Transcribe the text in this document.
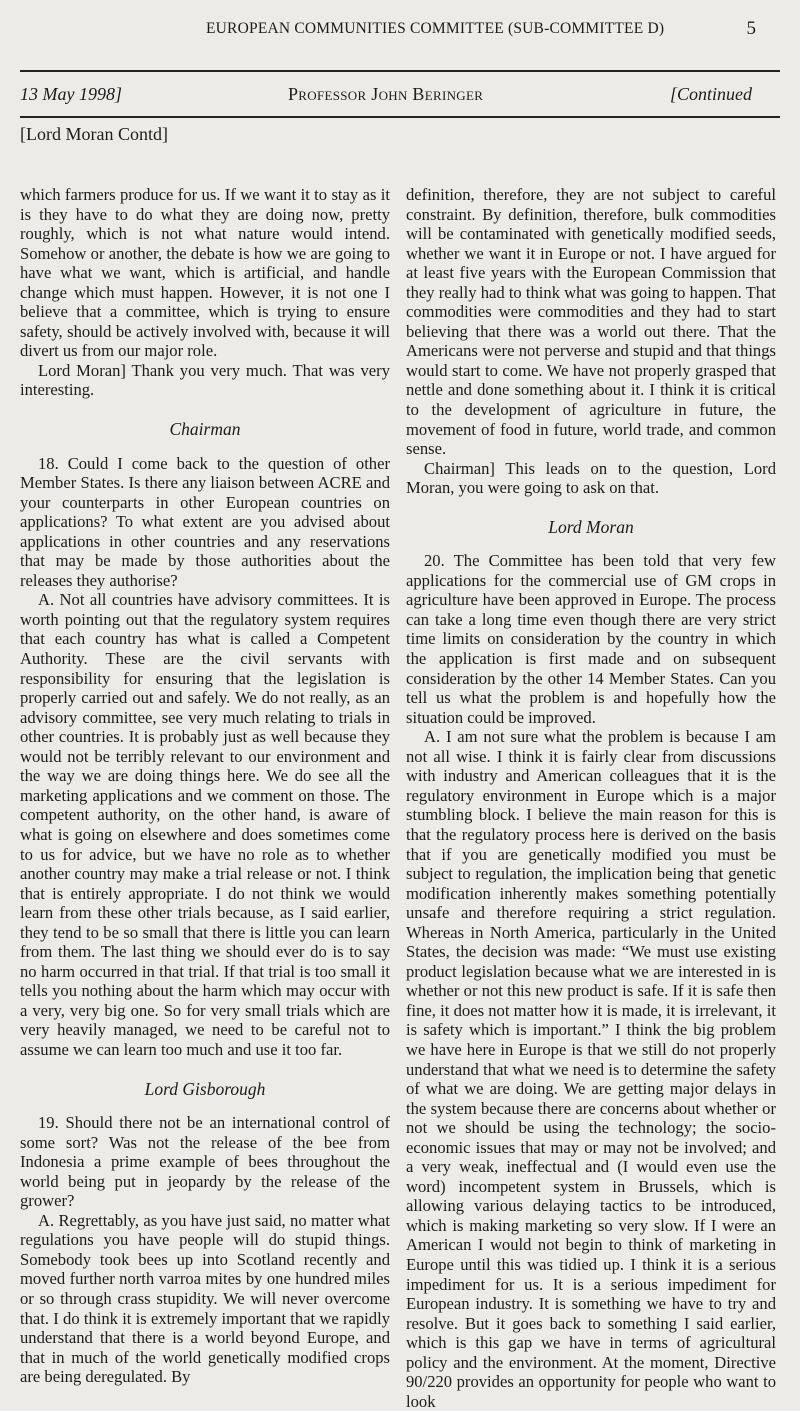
EUROPEAN COMMUNITIES COMMITTEE (SUB-COMMITTEE D)	5
13 May 1998]	Professor John Beringer	[Continued
[Lord Moran Contd]

which farmers produce for us. If we want it to stay as it is they have to do what they are doing now, pretty roughly, which is not what nature would intend. Somehow or another, the debate is how we are going to have what we want, which is artificial, and handle change which must happen. However, it is not one I believe that a committee, which is trying to ensure safety, should be actively involved with, because it will divert us from our major role.

Lord Moran] Thank you very much. That was very interesting.

Chairman

18. Could I come back to the question of other Member States. Is there any liaison between ACRE and your counterparts in other European countries on applications? To what extent are you advised about applications in other countries and any reservations that may be made by those authorities about the releases they authorise?

A. Not all countries have advisory committees. It is worth pointing out that the regulatory system requires that each country has what is called a Competent Authority. These are the civil servants with responsibility for ensuring that the legislation is properly carried out and safely. We do not really, as an advisory committee, see very much relating to trials in other countries. It is probably just as well because they would not be terribly relevant to our environment and the way we are doing things here. We do see all the marketing applications and we comment on those. The competent authority, on the other hand, is aware of what is going on elsewhere and does sometimes come to us for advice, but we have no role as to whether another country may make a trial release or not. I think that is entirely appropriate. I do not think we would learn from these other trials because, as I said earlier, they tend to be so small that there is little you can learn from them. The last thing we should ever do is to say no harm occurred in that trial. If that trial is too small it tells you nothing about the harm which may occur with a very, very big one. So for very small trials which are very heavily managed, we need to be careful not to assume we can learn too much and use it too far.

Lord Gisborough

19. Should there not be an international control of some sort? Was not the release of the bee from Indonesia a prime example of bees throughout the world being put in jeopardy by the release of the grower?

A. Regrettably, as you have just said, no matter what regulations you have people will do stupid things. Somebody took bees up into Scotland recently and moved further north varroa mites by one hundred miles or so through crass stupidity. We will never overcome that. I do think it is extremely important that we rapidly understand that there is a world beyond Europe, and that in much of the world genetically modified crops are being deregulated. By

definition, therefore, they are not subject to careful constraint. By definition, therefore, bulk commodities will be contaminated with genetically modified seeds, whether we want it in Europe or not. I have argued for at least five years with the European Commission that they really had to think what was going to happen. That commodities were commodities and they had to start believing that there was a world out there. That the Americans were not perverse and stupid and that things would start to come. We have not properly grasped that nettle and done something about it. I think it is critical to the development of agriculture in future, the movement of food in future, world trade, and common sense.

Chairman] This leads on to the question, Lord Moran, you were going to ask on that.

Lord Moran

20. The Committee has been told that very few applications for the commercial use of GM crops in agriculture have been approved in Europe. The process can take a long time even though there are very strict time limits on consideration by the country in which the application is first made and on subsequent consideration by the other 14 Member States. Can you tell us what the problem is and hopefully how the situation could be improved.

A. I am not sure what the problem is because I am not all wise. I think it is fairly clear from discussions with industry and American colleagues that it is the regulatory environment in Europe which is a major stumbling block. I believe the main reason for this is that the regulatory process here is derived on the basis that if you are genetically modified you must be subject to regulation, the implication being that genetic modification inherently makes something potentially unsafe and therefore requiring a strict regulation. Whereas in North America, particularly in the United States, the decision was made: “We must use existing product legislation because what we are interested in is whether or not this new product is safe. If it is safe then fine, it does not matter how it is made, it is irrelevant, it is safety which is important.” I think the big problem we have here in Europe is that we still do not properly understand that what we need is to determine the safety of what we are doing. We are getting major delays in the system because there are concerns about whether or not we should be using the technology; the socio-economic issues that may or may not be involved; and a very weak, ineffectual and (I would even use the word) incompetent system in Brussels, which is allowing various delaying tactics to be introduced, which is making marketing so very slow. If I were an American I would not begin to think of marketing in Europe until this was tidied up. I think it is a serious impediment for us. It is a serious impediment for European industry. It is something we have to try and resolve. But it goes back to something I said earlier, which is this gap we have in terms of agricultural policy and the environment. At the moment, Directive 90/220 provides an opportunity for people who want to look
